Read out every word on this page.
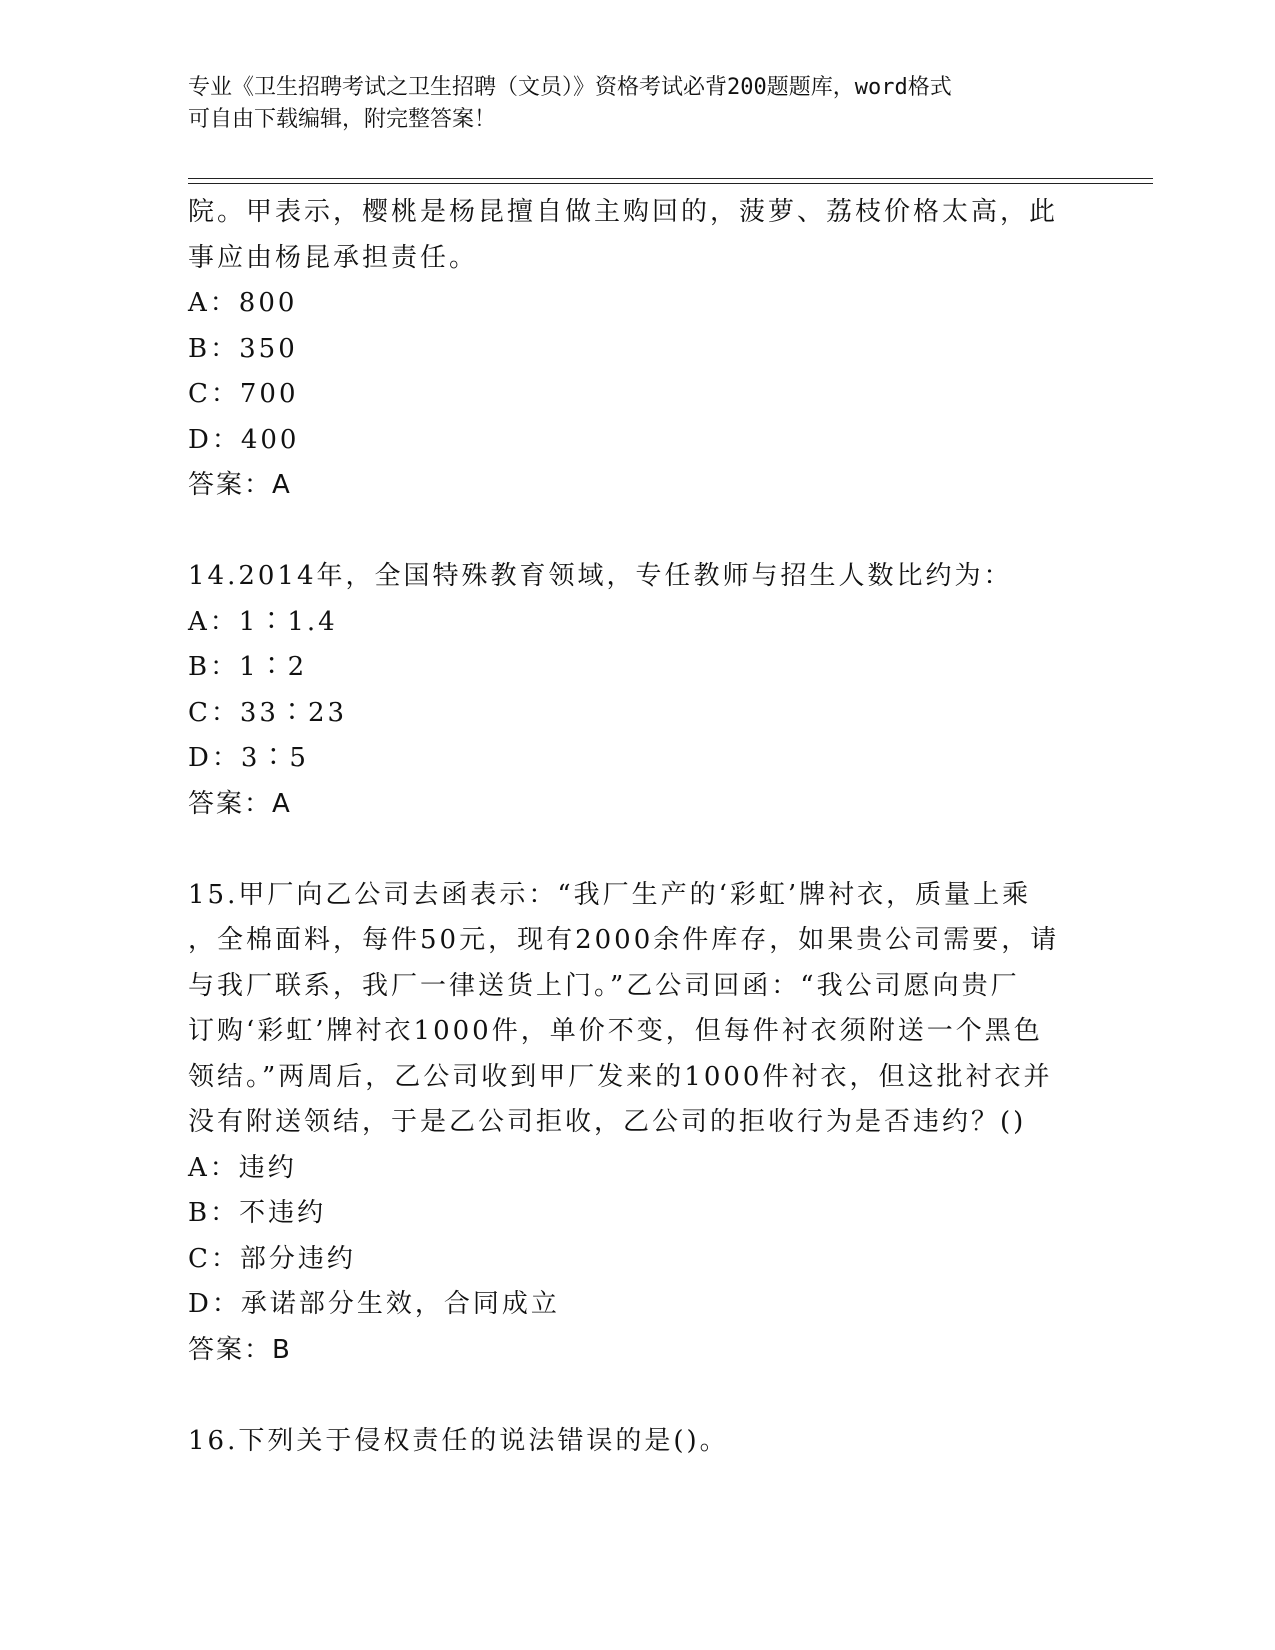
专业《卫生招聘考试之卫生招聘（文员）》资格考试必背200题题库，word格式
可自由下载编辑，附完整答案！
院。甲表示，樱桃是杨昆擅自做主购回的，菠萝、荔枝价格太高，此
事应由杨昆承担责任。
A：800
B：350
C：700
D：400
答案：A
14.2014年，全国特殊教育领域，专任教师与招生人数比约为：
A：1∶1.4
B：1∶2
C：33∶23
D：3∶5
答案：A
15.甲厂向乙公司去函表示：“我厂生产的‘彩虹’牌衬衣，质量上乘
，全棉面料，每件50元，现有2000余件库存，如果贵公司需要，请
与我厂联系，我厂一律送货上门。”乙公司回函：“我公司愿向贵厂
订购‘彩虹’牌衬衣1000件，单价不变，但每件衬衣须附送一个黑色
领结。”两周后，乙公司收到甲厂发来的1000件衬衣，但这批衬衣并
没有附送领结，于是乙公司拒收，乙公司的拒收行为是否违约？()
A：违约
B：不违约
C：部分违约
D：承诺部分生效，合同成立
答案：B
16.下列关于侵权责任的说法错误的是()。
